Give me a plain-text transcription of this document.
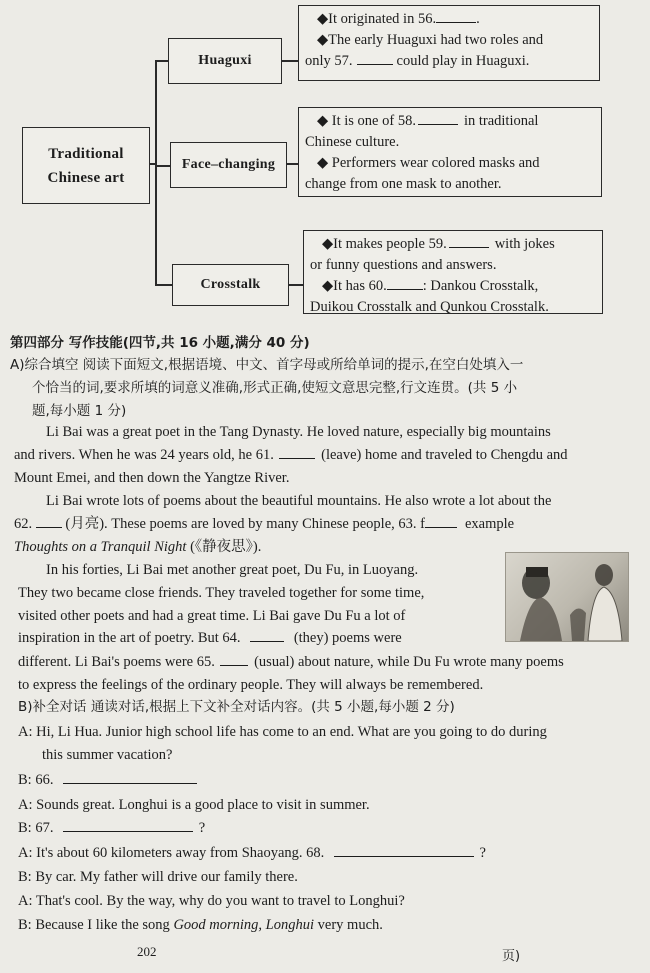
Traditional
Chinese art
Huaguxi
Face–changing
Crosstalk

◆It originated in 56.	.

◆The early Huaguxi had two roles and

only 57.	could play in Huaguxi.

◆ It is one of 58.	in traditional

Chinese culture.

◆ Performers wear colored masks and

change from one mask to another.

◆It makes people 59.	with jokes

or funny questions and answers.

◆It has 60. : Dankou Crosstalk,

Duikou Crosstalk and Qunkou Crosstalk.

第四部分 写作技能(四节,共 16 小题,满分 40 分)
A)综合填空 阅读下面短文,根据语境、中文、首字母或所给单词的提示,在空白处填入一
个恰当的词,要求所填的词意义准确,形式正确,使短文意思完整,行文连贯。(共 5 小
题,每小题 1 分)
Li Bai was a great poet in the Tang Dynasty. He loved nature, especially big mountains
and rivers. When he was 24 years old, he 61.	(leave) home and traveled to Chengdu and
Mount Emei, and then down the Yangtze River.
Li Bai wrote lots of poems about the beautiful mountains. He also wrote a lot about the
62. (月亮). These poems are loved by many Chinese people, 63. f	example
Thoughts on a Tranquil Night (《静夜思》).
In his forties, Li Bai met another great poet, Du Fu, in Luoyang.
They two became close friends. They traveled together for some time,
visited other poets and had a great time. Li Bai gave Du Fu a lot of
inspiration in the art of poetry. But 64.	(they) poems were
different. Li Bai's poems were 65.	(usual) about nature, while Du Fu wrote many poems
to express the feelings of the ordinary people. They will always be remembered.
B)补全对话 通读对话,根据上下文补全对话内容。(共 5 小题,每小题 2 分)
A: Hi, Li Hua. Junior high school life has come to an end. What are you going to do during
this summer vacation?
B: 66.
A: Sounds great. Longhui is a good place to visit in summer.
B: 67.	?
A: It's about 60 kilometers away from Shaoyang. 68.	?
B: By car. My father will drive our family there.
A: That's cool. By the way, why do you want to travel to Longhui?
B: Because I like the song Good morning, Longhui very much.
202	页)
